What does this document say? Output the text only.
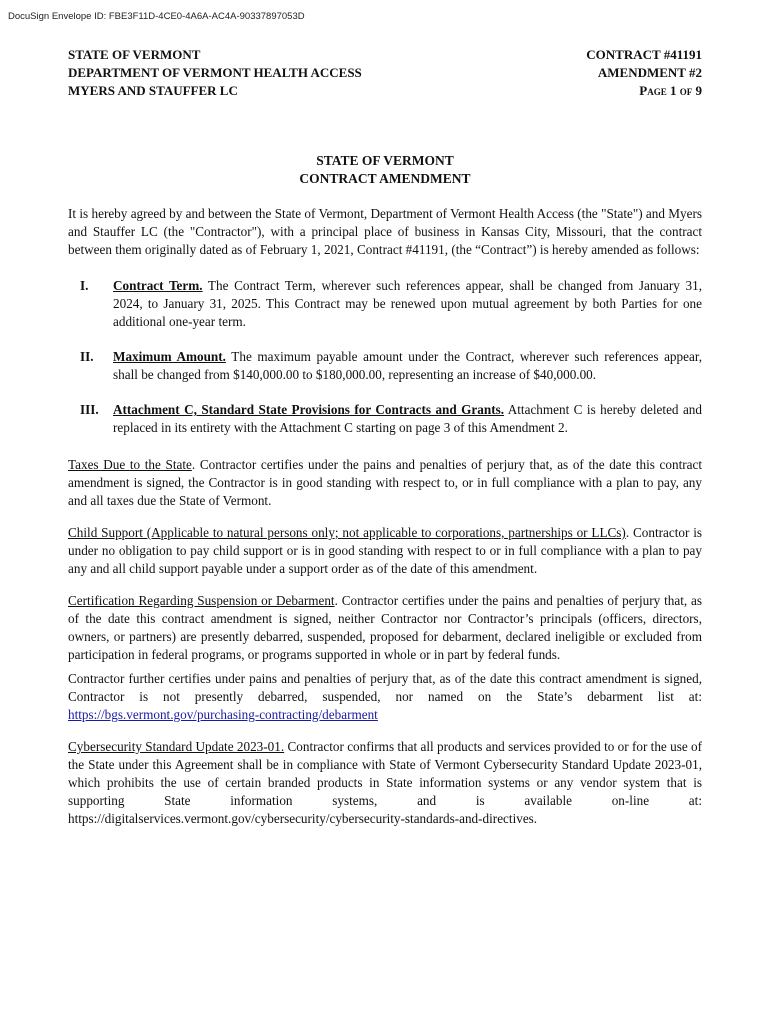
DocuSign Envelope ID: FBE3F11D-4CE0-4A6A-AC4A-90337897053D
STATE OF VERMONT
DEPARTMENT OF VERMONT HEALTH ACCESS
MYERS AND STAUFFER LC
CONTRACT #41191
AMENDMENT #2
Page 1 of 9
STATE OF VERMONT
CONTRACT AMENDMENT

It is hereby agreed by and between the State of Vermont, Department of Vermont Health Access (the "State") and Myers and Stauffer LC (the "Contractor"), with a principal place of business in Kansas City, Missouri, that the contract between them originally dated as of February 1, 2021, Contract #41191, (the “Contract”) is hereby amended as follows:

I.	Contract Term. The Contract Term, wherever such references appear, shall be changed from January 31, 2024, to January 31, 2025. This Contract may be renewed upon mutual agreement by both Parties for one additional one-year term.
II.	Maximum Amount. The maximum payable amount under the Contract, wherever such references appear, shall be changed from $140,000.00 to $180,000.00, representing an increase of $40,000.00.
III.	Attachment C, Standard State Provisions for Contracts and Grants. Attachment C is hereby deleted and replaced in its entirety with the Attachment C starting on page 3 of this Amendment 2.

Taxes Due to the State. Contractor certifies under the pains and penalties of perjury that, as of the date this contract amendment is signed, the Contractor is in good standing with respect to, or in full compliance with a plan to pay, any and all taxes due the State of Vermont.

Child Support (Applicable to natural persons only; not applicable to corporations, partnerships or LLCs). Contractor is under no obligation to pay child support or is in good standing with respect to or in full compliance with a plan to pay any and all child support payable under a support order as of the date of this amendment.

Certification Regarding Suspension or Debarment. Contractor certifies under the pains and penalties of perjury that, as of the date this contract amendment is signed, neither Contractor nor Contractor’s principals (officers, directors, owners, or partners) are presently debarred, suspended, proposed for debarment, declared ineligible or excluded from participation in federal programs, or programs supported in whole or in part by federal funds.

Contractor further certifies under pains and penalties of perjury that, as of the date this contract amendment is signed, Contractor is not presently debarred, suspended, nor named on the State’s debarment list at: https://bgs.vermont.gov/purchasing-contracting/debarment

Cybersecurity Standard Update 2023-01. Contractor confirms that all products and services provided to or for the use of the State under this Agreement shall be in compliance with State of Vermont Cybersecurity Standard Update 2023-01, which prohibits the use of certain branded products in State information systems or any vendor system that is supporting State information systems, and is available on-line at: https://digitalservices.vermont.gov/cybersecurity/cybersecurity-standards-and-directives.
